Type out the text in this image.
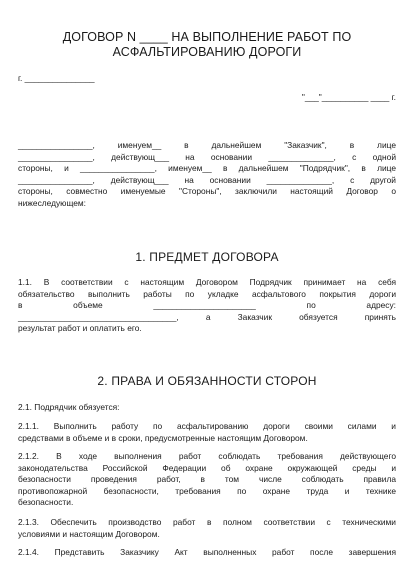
ДОГОВОР N ____ НА ВЫПОЛНЕНИЕ РАБОТ ПО
АСФАЛЬТИРОВАНИЮ ДОРОГИ
г. _______________
"___"__________ ____ г.
________________, именуем__ в дальнейшем "Заказчик", в лице
________________, действующ___ на основании ______________, с одной
стороны, и ________________, именуем__ в дальнейшем "Подрядчик", в лице
________________, действующ___ на основании ______________, с другой
стороны, совместно именуемые "Стороны", заключили настоящий Договор о
нижеследующем:
1. ПРЕДМЕТ ДОГОВОРА
1.1. В соответствии с настоящим Договором Подрядчик принимает на себя
обязательство выполнить работы по укладке асфальтового покрытия дороги
в объеме ______________________ по адресу:
__________________________________, а Заказчик обязуется принять
результат работ и оплатить его.
2. ПРАВА И ОБЯЗАННОСТИ СТОРОН
2.1. Подрядчик обязуется:
2.1.1. Выполнить работу по асфальтированию дороги своими силами и
средствами в объеме и в сроки, предусмотренные настоящим Договором.
2.1.2. В ходе выполнения работ соблюдать требования действующего
законодательства Российской Федерации об охране окружающей среды и
безопасности проведения работ, в том числе соблюдать правила
противопожарной безопасности, требования по охране труда и технике
безопасности.
2.1.3. Обеспечить производство работ в полном соответствии с техническими
условиями и настоящим Договором.
2.1.4. Представить Заказчику Акт выполненных работ после завершения
